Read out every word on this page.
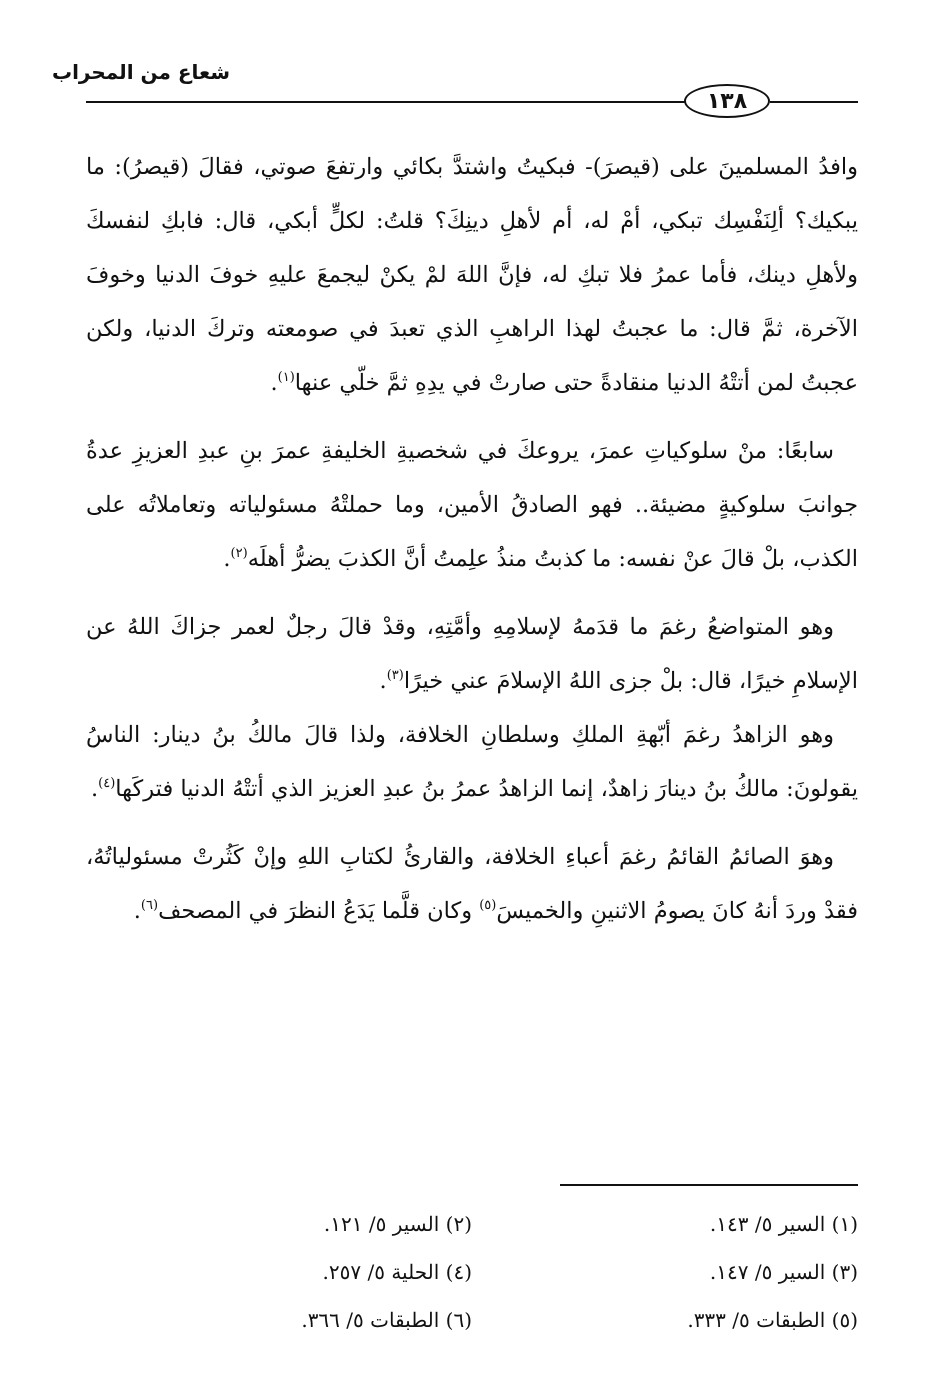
شعاع من المحراب
١٣٨

وافدُ المسلمينَ على (قيصرَ)- فبكيتُ واشتدَّ بكائي وارتفعَ صوتي، فقالَ (قيصرُ): ما يبكيك؟ ألِنَفْسِك تبكي، أمْ له، أم لأهلِ دينِكَ؟ قلتُ: لكلٍّ أبكي، قال: فابكِ لنفسكَ ولأهلِ دينك، فأما عمرُ فلا تبكِ له، فإنَّ اللهَ لمْ يكنْ ليجمعَ عليهِ خوفَ الدنيا وخوفَ الآخرة، ثمَّ قال: ما عجبتُ لهذا الراهبِ الذي تعبدَ في صومعته وتركَ الدنيا، ولكن عجبتُ لمن أتتْهُ الدنيا منقادةً حتى صارتْ في يدِهِ ثمَّ خلّي عنها$^{(١)}$.

سابعًا: منْ سلوكياتِ عمرَ، يروعكَ في شخصيةِ الخليفةِ عمرَ بنِ عبدِ العزيزِ عدةُ جوانبَ سلوكيةٍ مضيئة.. فهو الصادقُ الأمين، وما حملتْهُ مسئولياته وتعاملاتُه على الكذب، بلْ قالَ عنْ نفسه: ما كذبتُ منذُ علِمتُ أنَّ الكذبَ يضرُّ أهلَه$^{(٢)}$.

وهو المتواضعُ رغمَ ما قدَمهُ لإسلامِهِ وأمَّتِهِ، وقدْ قالَ رجلٌ لعمر جزاكَ اللهُ عن الإسلامِ خيرًا، قال: بلْ جزى اللهُ الإسلامَ عني خيرًا$^{(٣)}$.

وهو الزاهدُ رغمَ أبّهةِ الملكِ وسلطانِ الخلافة، ولذا قالَ مالكُ بنُ دينار: الناسُ يقولونَ: مالكُ بنُ دينارَ زاهدٌ، إنما الزاهدُ عمرُ بنُ عبدِ العزيز الذي أتتْهُ الدنيا فتركَها$^{(٤)}$.

وهوَ الصائمُ القائمُ رغمَ أعباءِ الخلافة، والقارئُ لكتابِ اللهِ وإنْ كَثُرتْ مسئولياتُهُ، فقدْ وردَ أنهُ كانَ يصومُ الاثنينِ والخميسَ$^{(٥)}$ وكان قلَّما يَدَعُ النظرَ في المصحف$^{(٦)}$.

(١) السير ٥/ ١٤٣.
(٢) السير ٥/ ١٢١.
(٣) السير ٥/ ١٤٧.
(٤) الحلية ٥/ ٢٥٧.
(٥) الطبقات ٥/ ٣٣٣.
(٦) الطبقات ٥/ ٣٦٦.
